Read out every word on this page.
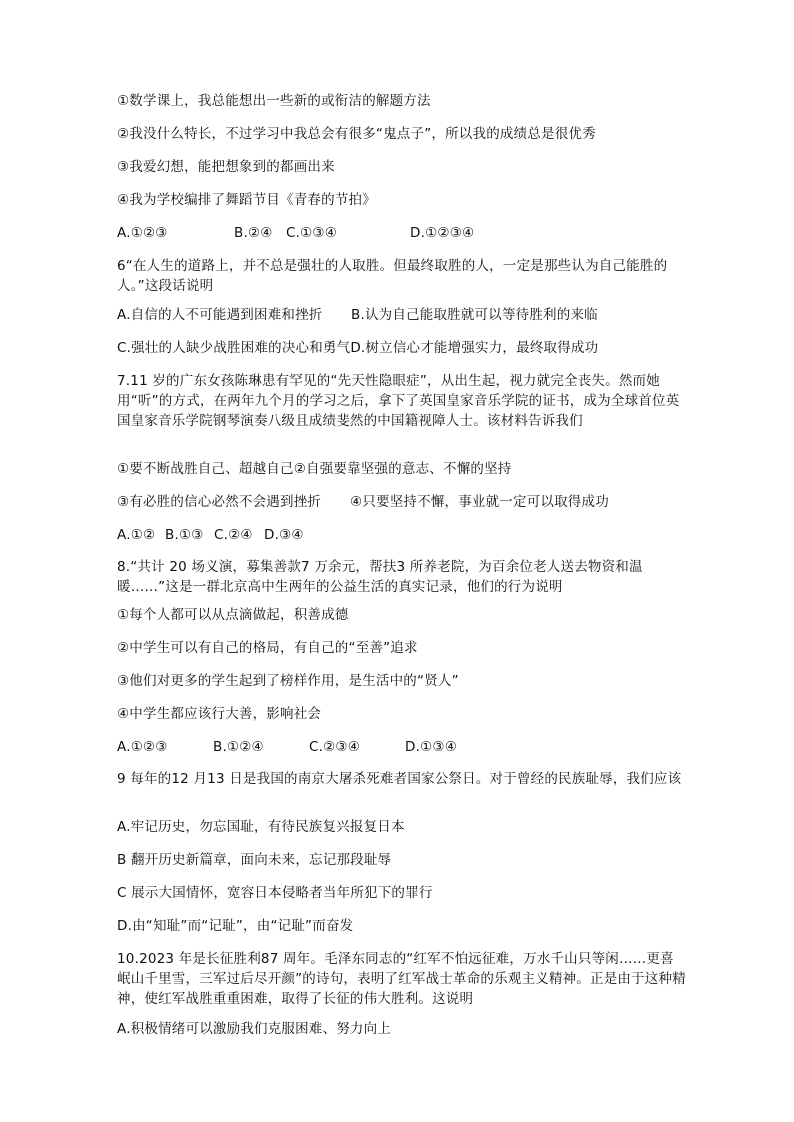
①数学课上，我总能想出一些新的或衔洁的解题方法
②我没什么特长，不过学习中我总会有很多“鬼点子”，所以我的成绩总是很优秀
③我爱幻想，能把想象到的都画出来
④我为学校编排了舞蹈节目《青春的节拍》
A.①②③	B.②④ C.①③④	D.①②③④
6“在人生的道路上，并不总是强壮的人取胜。但最终取胜的人，一定是那些认为自己能胜的人。”这段话说明
A.自信的人不可能遇到困难和挫折 B.认为自己能取胜就可以等待胜利的来临
C.强壮的人缺少战胜困难的决心和勇气D.树立信心才能增强实力，最终取得成功
7.11 岁的广东女孩陈琳患有罕见的“先天性隐眼症”，从出生起，视力就完全丧失。然而她用“听”的方式，在两年九个月的学习之后，拿下了英国皇家音乐学院的证书，成为全球首位英国皇家音乐学院钢琴演奏八级且成绩斐然的中国籍视障人士。该材料告诉我们
①要不断战胜自己、超越自己②自强要靠坚强的意志、不懈的坚持
③有必胜的信心必然不会遇到挫折 ④只要坚持不懈，事业就一定可以取得成功
A.①② B.①③ C.②④ D.③④
8.“共计 20 场义演，募集善款7 万余元，帮扶3 所养老院，为百余位老人送去物资和温暖……”这是一群北京高中生两年的公益生活的真实记录，他们的行为说明
①每个人都可以从点滴做起，积善成德
②中学生可以有自己的格局，有自己的“至善”追求
③他们对更多的学生起到了榜样作用，是生活中的“贤人”
④中学生都应该行大善，影响社会
A.①②③	B.①②④	C.②③④	D.①③④
9 每年的12 月13 日是我国的南京大屠杀死难者国家公祭日。对于曾经的民族耻辱，我们应该
A.牢记历史，勿忘国耻，有待民族复兴报复日本
B 翻开历史新篇章，面向未来，忘记那段耻辱
C 展示大国情怀，宽容日本侵略者当年所犯下的罪行
D.由“知耻”而“记耻”，由“记耻”而奋发
10.2023 年是长征胜利87 周年。毛泽东同志的“红军不怕远征难，万水千山只等闲……更喜岷山千里雪，三军过后尽开颜”的诗句，表明了红军战士革命的乐观主义精神。正是由于这种精神，使红军战胜重重困难，取得了长征的伟大胜利。这说明
A.积极情绪可以激励我们克服困难、努力向上
